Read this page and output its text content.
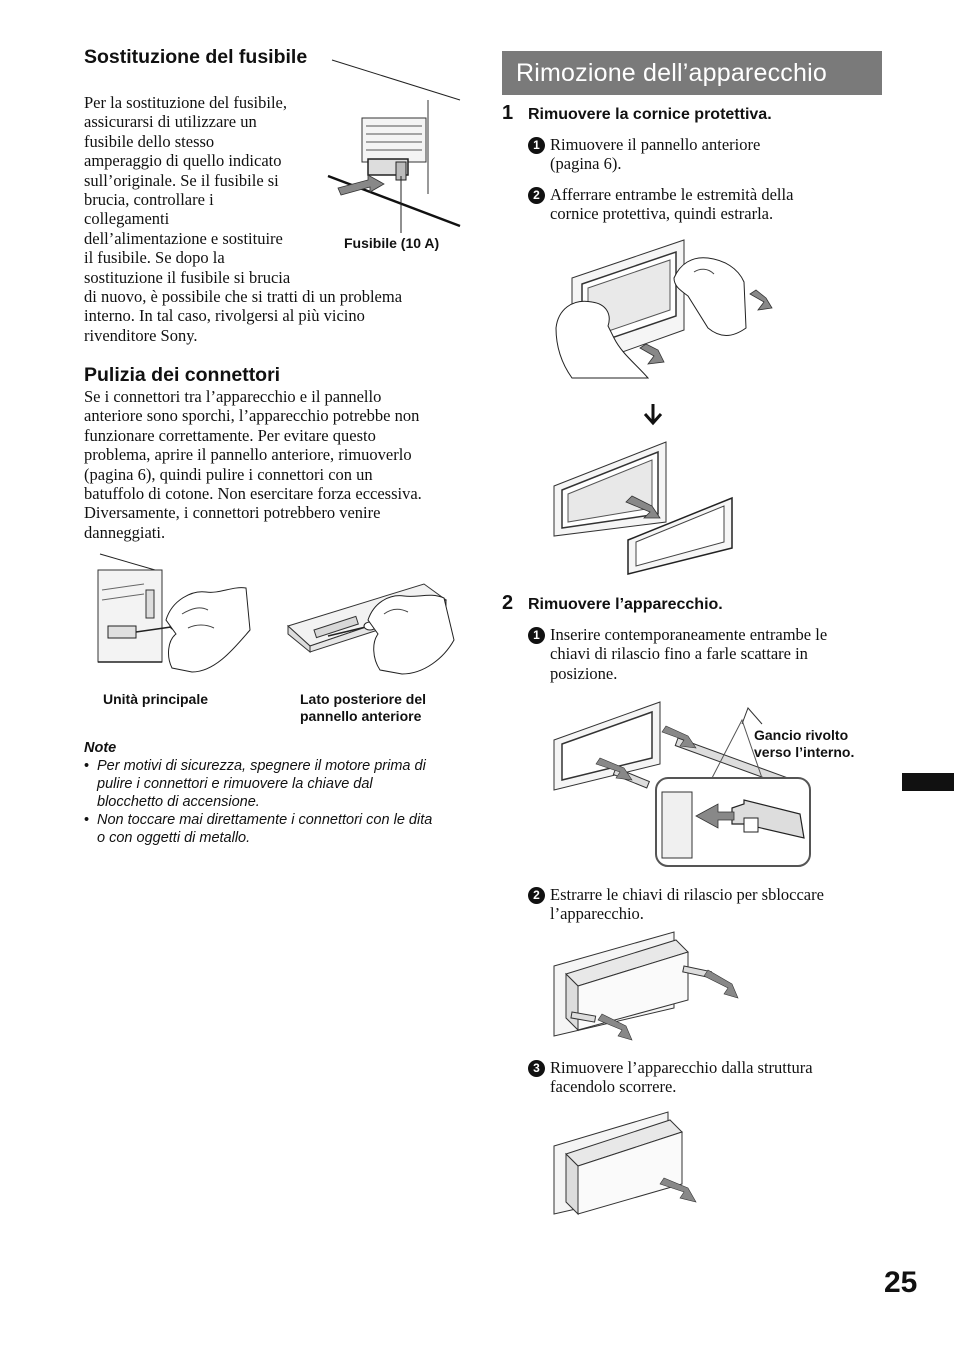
Sostituzione del fusibile
Per la sostituzione del fusibile,
assicurarsi di utilizzare un
fusibile dello stesso
amperaggio di quello indicato
sull’originale. Se il fusibile si
brucia, controllare i
collegamenti
dell’alimentazione e sostituire
il fusibile. Se dopo la
sostituzione il fusibile si brucia
di nuovo, è possibile che si tratti di un problema
interno. In tal caso, rivolgersi al più vicino
rivenditore Sony.
Fusibile (10 A)
Pulizia dei connettori
Se i connettori tra l’apparecchio e il pannello
anteriore sono sporchi, l’apparecchio potrebbe non
funzionare correttamente. Per evitare questo
problema, aprire il pannello anteriore, rimuoverlo
(pagina 6), quindi pulire i connettori con un
batuffolo di cotone. Non esercitare forza eccessiva.
Diversamente, i connettori potrebbero venire
danneggiati.
Unità principale	Lato posteriore del
pannello anteriore
Note
• Per motivi di sicurezza, spegnere il motore prima di
pulire i connettori e rimuovere la chiave dal
blocchetto di accensione.
• Non toccare mai direttamente i connettori con le dita
o con oggetti di metallo.
Rimozione dell’apparecchio
1 Rimuovere la cornice protettiva.
1 Rimuovere il pannello anteriore
(pagina 6).
2 Afferrare entrambe le estremità della
cornice protettiva, quindi estrarla.
2 Rimuovere l’apparecchio.
1 Inserire contemporaneamente entrambe le
chiavi di rilascio fino a farle scattare in
posizione.
Gancio rivolto
verso l’interno.
2 Estrarre le chiavi di rilascio per sbloccare
l’apparecchio.
3 Rimuovere l’apparecchio dalla struttura
facendolo scorrere.
25
